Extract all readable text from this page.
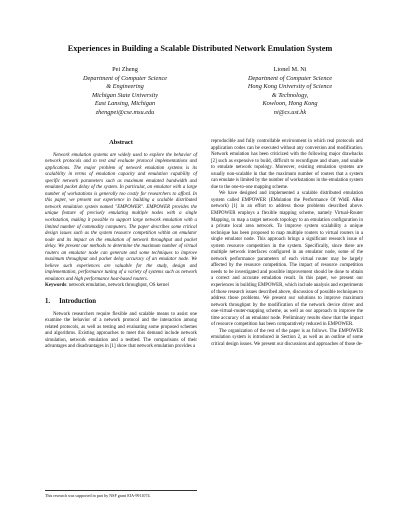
Experiences in Building a Scalable Distributed Network Emulation System
Pei Zheng
Department of Computer Science
& Engineering
Michigan State University
East Lansing, Michigan
zhengpei@cse.msu.edu
Lionel M. Ni
Department of Computer Science
Hong Kong University of Science
& Technology,
Kowloon, Hong Kong
ni@cs.ust.hk
Abstract

Network emulation systems are widely used to explore the behavior of network protocols and to test and evaluate protocol implementations and applications. The major problem of network emulation systems is its scalability in terms of emulation capacity and emulation capability of specific network parameters such as maximum emulated bandwidth and emulated packet delay of the system. In particular, an emulator with a large number of workstations is generally too costly for researchers to afford. In this paper, we present our experience in building a scalable distributed network emulation system named "EMPOWER". EMPOWER provides the unique feature of precisely emulating multiple nodes with a single workstation, making it possible to support large network emulation with a limited number of commodity computers. The paper describes some critical design issues such as the system resource competition within an emulator node and its impact on the emulation of network throughput and packet delay. We present our methods to determine the maximum number of virtual routers an emulator node can generate and some techniques to improve maximum throughput and packet delay accuracy of an emulator node. We believe such experiences are valuable for the study, design and implementation, performance tuning of a variety of systems such as network emulators and high performance host-based routers.

Keywords: network emulation, network throughput, OS kernel

1. Introduction

Network researchers require flexible and scalable means to assist one examine the behavior of a network protocol and the interaction among related protocols, as well as testing and evaluating some proposed schemes and algorithms. Existing approaches to meet this demand include network simulation, network emulation and a testbed. The comparisons of their advantages and disadvantages in [1] show that network emulation provides a

reproducible and fully controllable environment in which real protocols and application codes can be executed without any conversion and modification. Network emulation has been criticized with the following major drawbacks [2] such as expensive to build, difficult to reconfigure and share, and unable to emulate network topology. Moreover, existing emulation systems are usually non-scalable in that the maximum number of routers that a system can emulate is limited by the number of workstations in the emulation system due to the one-to-one mapping scheme.

We have designed and implemented a scalable distributed emulation system called EMPOWER (EMulation the Performance Of WidE ARea network) [1] in an effort to address those problems described above. EMPOWER employs a flexible mapping scheme, namely Virtual-Router Mapping, to map a target network topology to an emulation configuration in a private local area network. To improve system scalability a unique technique has been proposed to map multiple routers to virtual routers in a single emulator node. This approach brings a significant research issue of system resource competition in the system. Specifically, since there are multiple network interfaces configured in an emulator node, some of the network performance parameters of each virtual router may be largely affected by the resource competition. The impact of resource competition needs to be investigated and possible improvement should be done to obtain a correct and accurate emulation result. In this paper, we present our experiences in building EMPOWER, which include analysis and experiments of those research issues described above, discussion of possible techniques to address those problems. We present our solutions to improve maximum network throughput by the modification of the network device driver and one-virtual-router-mapping scheme, as well as our approach to improve the time accuracy of an emulator node. Preliminary results show that the impact of resource competition has been comparatively reduced in EMPOWER.

The organization of the rest of the paper is as follows. The EMPOWER emulation system is introduced in Section 2, as well as an outline of some critical design issues. We present our discussions and approaches of those de-

This research was supported in part by NSF grant EIA-9911074.
